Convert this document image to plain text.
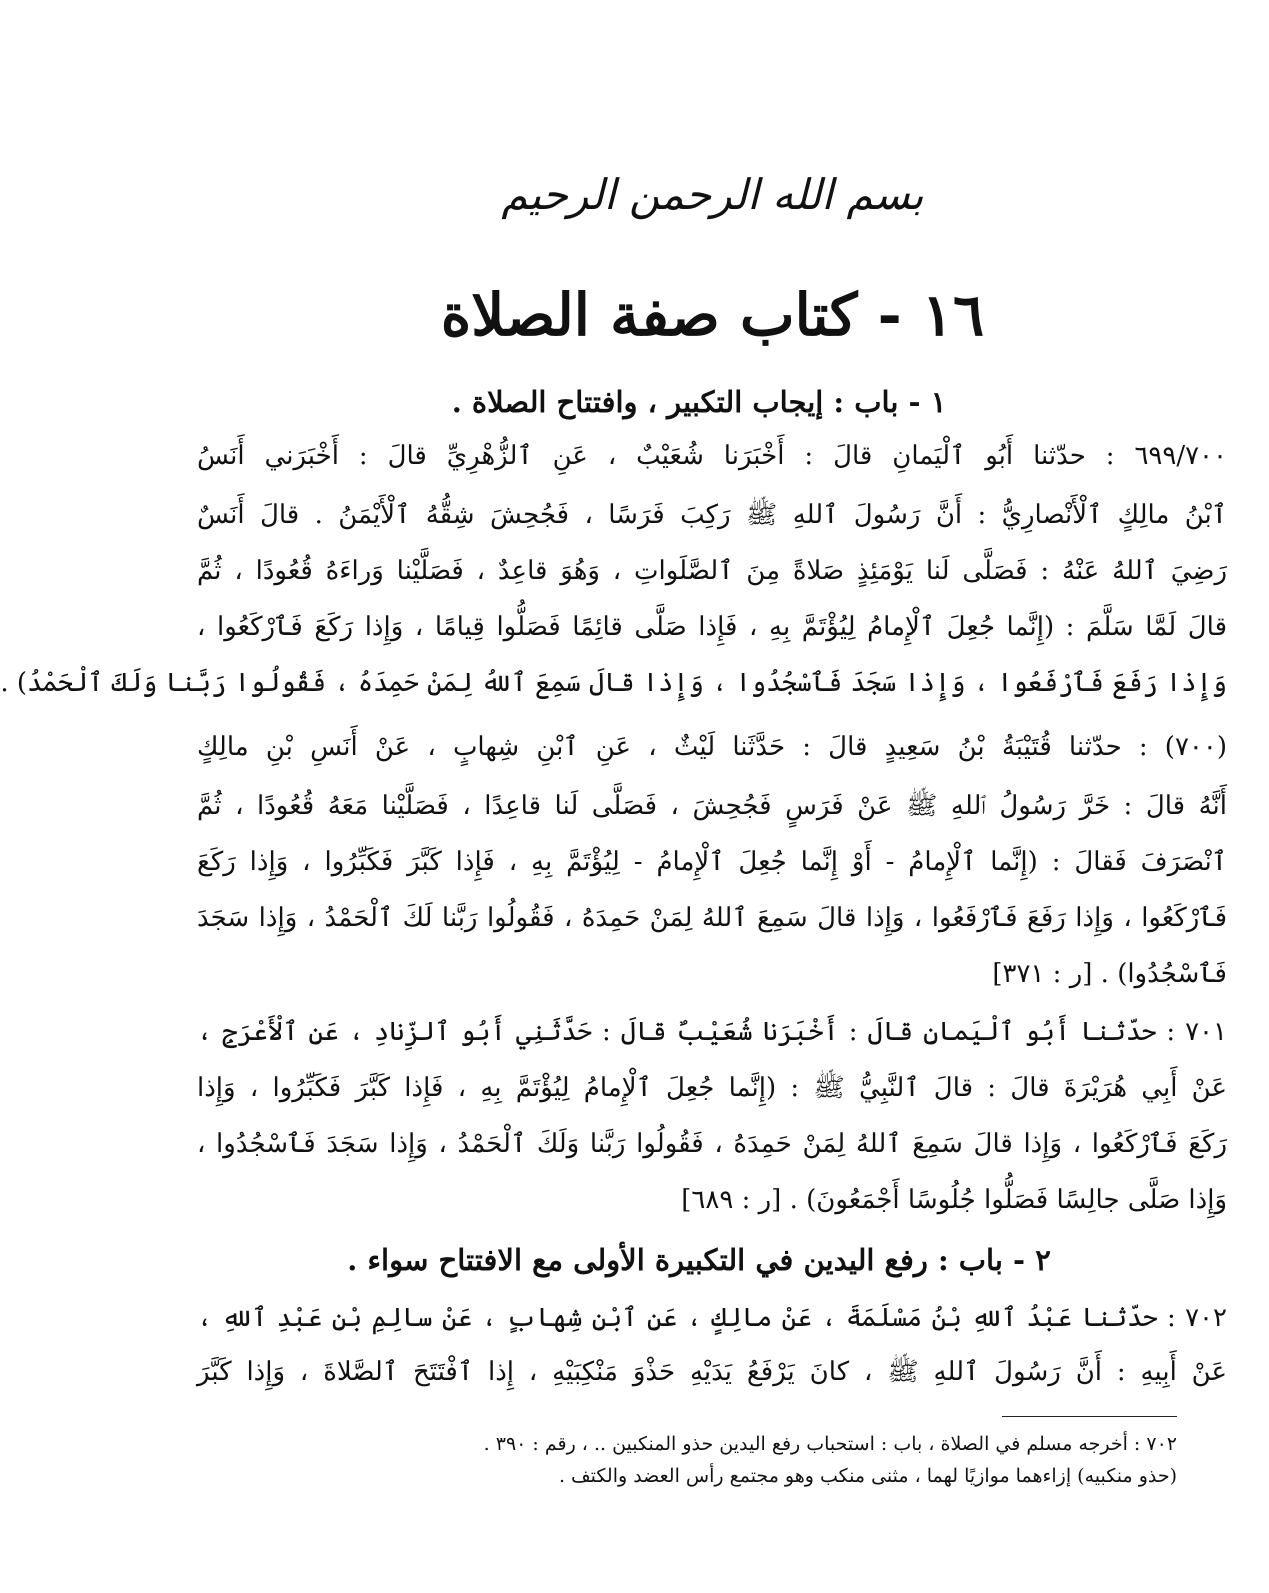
بسم الله الرحمن الرحيم
١٦ - كتاب صفة الصلاة
١ - باب : إيجاب التكبير ، وافتتاح الصلاة .
٦٩٩/٧٠٠ : حدّثنا أَبُو ٱلْيَمانِ قالَ : أَخْبَرَنا شُعَيْبٌ ، عَنِ ٱلزُّهْرِيِّ قالَ : أَخْبَرَني أَنَسُ
ٱبْنُ مالِكٍ ٱلْأَنْصارِيُّ : أَنَّ رَسُولَ ٱللهِ ﷺ رَكِبَ فَرَسًا ، فَجُحِشَ شِقُّهُ ٱلْأَيْمَنُ . قالَ أَنَسٌ
رَضِيَ ٱللهُ عَنْهُ : فَصَلَّى لَنا يَوْمَئِذٍ صَلاةً مِنَ ٱلصَّلَواتِ ، وَهُوَ قاعِدٌ ، فَصَلَّيْنا وَراءَهُ قُعُودًا ، ثُمَّ
قالَ لَمَّا سَلَّمَ : (إِنَّما جُعِلَ ٱلْإِمامُ لِيُؤْتَمَّ بِهِ ، فَإِذا صَلَّى قائِمًا فَصَلُّوا قِيامًا ، وَإِذا رَكَعَ فَٱرْكَعُوا ،
وَإِذا رَفَعَ فَٱرْفَعُوا ، وَإِذا سَجَدَ فَٱسْجُدُوا ، وَإِذا قالَ سَمِعَ ٱللهُ لِمَنْ حَمِدَهُ ، فَقُولُوا رَبَّنا وَلَكَ ٱلْحَمْدُ) .
(٧٠٠) : حدّثنا قُتَيْبَةُ بْنُ سَعِيدٍ قالَ : حَدَّثَنا لَيْثٌ ، عَنِ ٱبْنِ شِهابٍ ، عَنْ أَنَسِ بْنِ مالِكٍ
أَنَّهُ قالَ : خَرَّ رَسُولُ ٱللهِ ﷺ عَنْ فَرَسٍ فَجُحِشَ ، فَصَلَّى لَنا قاعِدًا ، فَصَلَّيْنا مَعَهُ قُعُودًا ، ثُمَّ
ٱنْصَرَفَ فَقالَ : (إِنَّما ٱلْإِمامُ - أَوْ إِنَّما جُعِلَ ٱلْإِمامُ - لِيُؤْتَمَّ بِهِ ، فَإِذا كَبَّرَ فَكَبِّرُوا ، وَإِذا رَكَعَ
فَٱرْكَعُوا ، وَإِذا رَفَعَ فَٱرْفَعُوا ، وَإِذا قالَ سَمِعَ ٱللهُ لِمَنْ حَمِدَهُ ، فَقُولُوا رَبَّنا لَكَ ٱلْحَمْدُ ، وَإِذا سَجَدَ
فَٱسْجُدُوا) . [ر : ٣٧١]
٧٠١ : حدّثنا أَبُو ٱلْيَمانِ قالَ : أَخْبَرَنا شُعَيْبٌ قالَ : حَدَّثَنِي أَبُو ٱلزِّنادِ ، عَنِ ٱلْأَعْرَجِ ،
عَنْ أَبِي هُرَيْرَةَ قالَ : قالَ ٱلنَّبِيُّ ﷺ : (إِنَّما جُعِلَ ٱلْإِمامُ لِيُؤْتَمَّ بِهِ ، فَإِذا كَبَّرَ فَكَبِّرُوا ، وَإِذا
رَكَعَ فَٱرْكَعُوا ، وَإِذا قالَ سَمِعَ ٱللهُ لِمَنْ حَمِدَهُ ، فَقُولُوا رَبَّنا وَلَكَ ٱلْحَمْدُ ، وَإِذا سَجَدَ فَٱسْجُدُوا ،
وَإِذا صَلَّى جالِسًا فَصَلُّوا جُلُوسًا أَجْمَعُونَ) . [ر : ٦٨٩]
٢ - باب : رفع اليدين في التكبيرة الأولى مع الافتتاح سواء .
٧٠٢ : حدّثنا عَبْدُ ٱللهِ بْنُ مَسْلَمَةَ ، عَنْ مالِكٍ ، عَنِ ٱبْنِ شِهابٍ ، عَنْ سالِمِ بْنِ عَبْدِ ٱللهِ ،
عَنْ أَبِيهِ : أَنَّ رَسُولَ ٱللهِ ﷺ ، كانَ يَرْفَعُ يَدَيْهِ حَذْوَ مَنْكِبَيْهِ ، إِذا ٱفْتَتَحَ ٱلصَّلاةَ ، وَإِذا كَبَّرَ
٧٠٢ : أخرجه مسلم في الصلاة ، باب : استحباب رفع اليدين حذو المنكبين .. ، رقم : ٣٩٠ .
(حذو منكبيه) إزاءهما موازيًا لهما ، مثنى منكب وهو مجتمع رأس العضد والكتف .
